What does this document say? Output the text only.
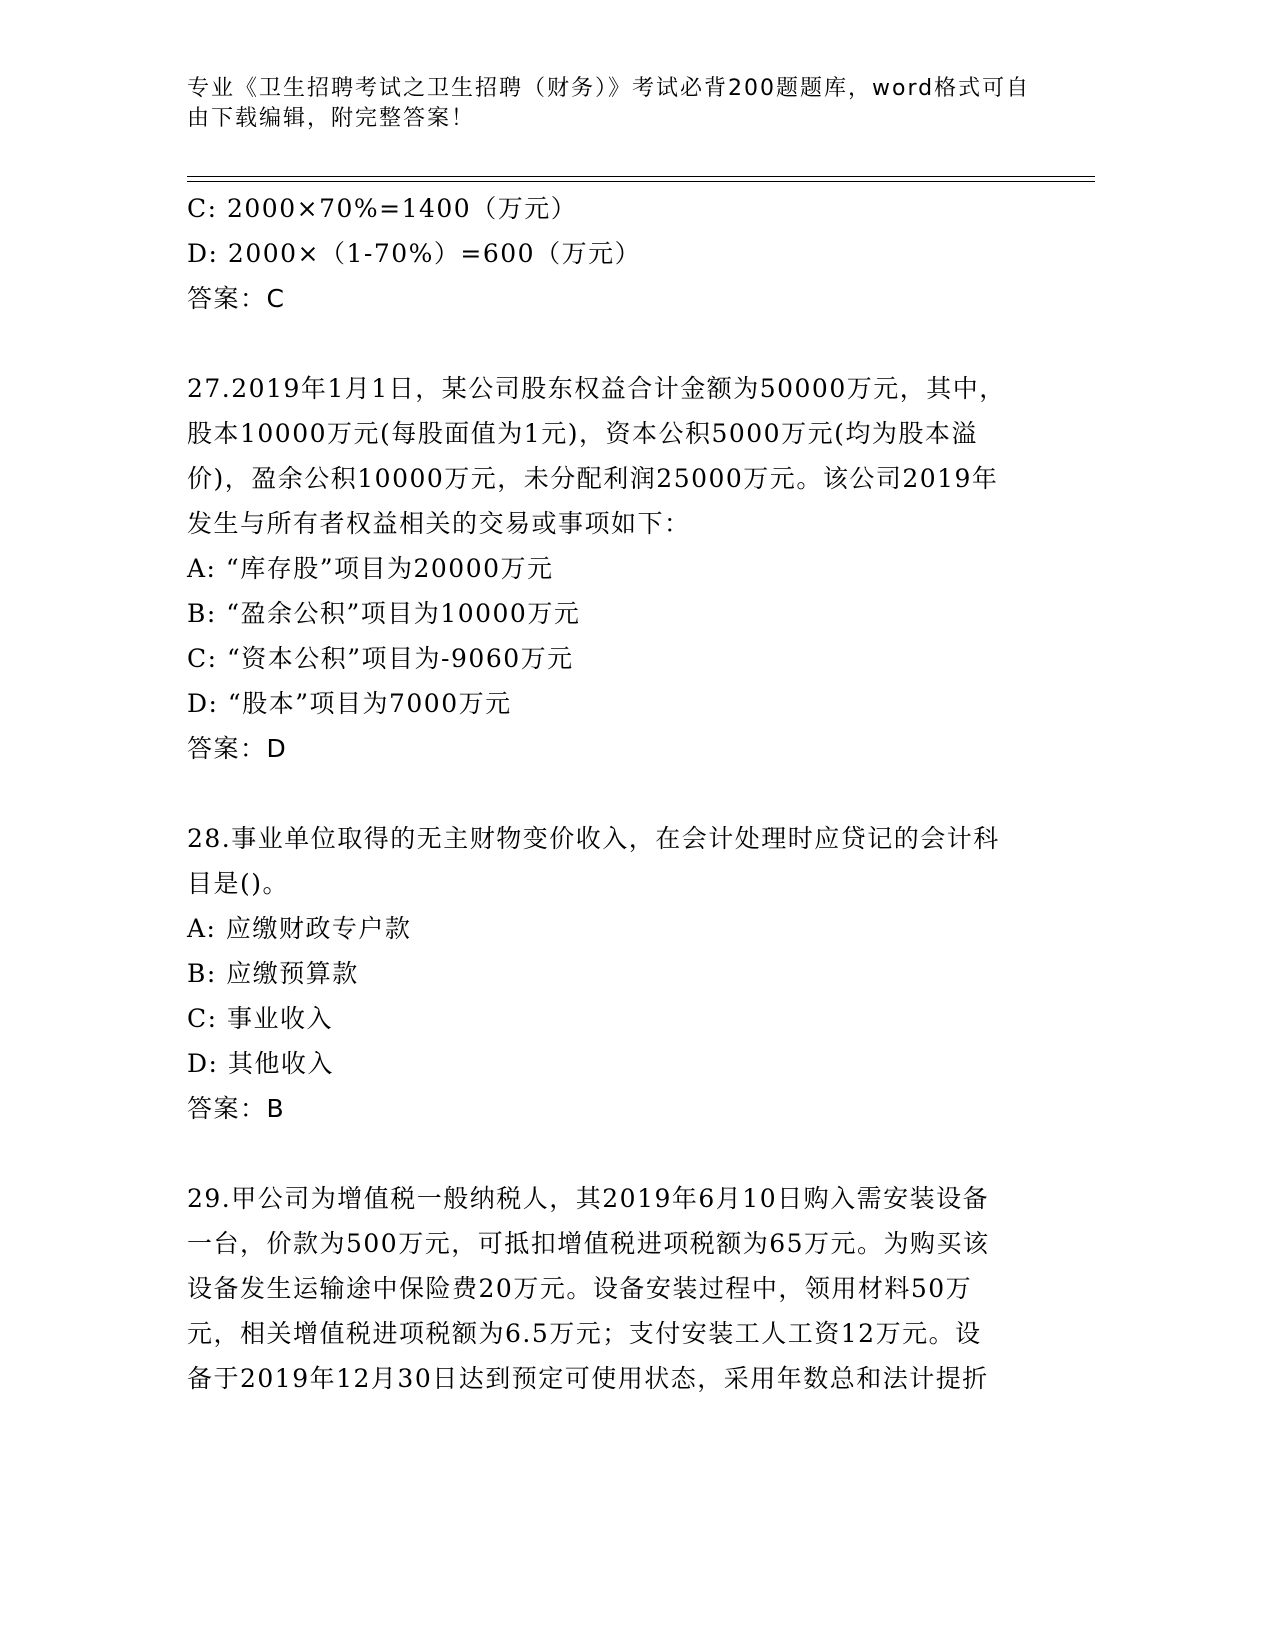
专业《卫生招聘考试之卫生招聘（财务）》考试必背200题题库，word格式可自
由下载编辑，附完整答案！
C: 2000×70%=1400（万元）
D: 2000×（1-70%）=600（万元）
答案：C
27.2019年1月1日，某公司股东权益合计金额为50000万元，其中，
股本10000万元(每股面值为1元)，资本公积5000万元(均为股本溢
价)，盈余公积10000万元，未分配利润25000万元。该公司2019年
发生与所有者权益相关的交易或事项如下：
A: “库存股”项目为20000万元
B: “盈余公积”项目为10000万元
C: “资本公积”项目为-9060万元
D: “股本”项目为7000万元
答案：D
28.事业单位取得的无主财物变价收入，在会计处理时应贷记的会计科
目是()。
A: 应缴财政专户款
B: 应缴预算款
C: 事业收入
D: 其他收入
答案：B
29.甲公司为增值税一般纳税人，其2019年6月10日购入需安装设备
一台，价款为500万元，可抵扣增值税进项税额为65万元。为购买该
设备发生运输途中保险费20万元。设备安装过程中，领用材料50万
元，相关增值税进项税额为6.5万元；支付安装工人工资12万元。设
备于2019年12月30日达到预定可使用状态，采用年数总和法计提折
